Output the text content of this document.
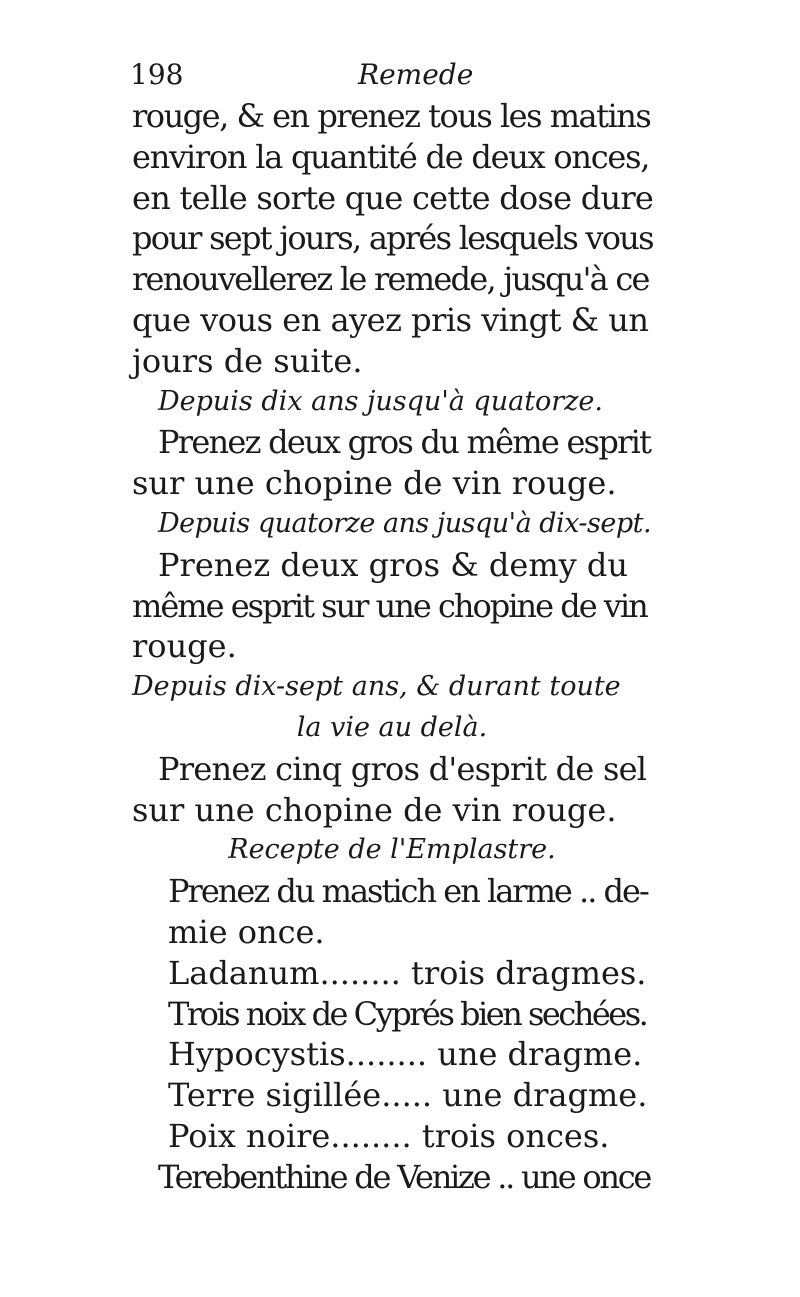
198	Remede
rouge, & en prenez tous les matins
environ la quantité de deux onces,
en telle sorte que cette dose dure
pour sept jours, aprés lesquels vous
renouvellerez le remede, jusqu'à ce
que vous en ayez pris vingt & un
jours de suite.
Depuis dix ans jusqu'à quatorze.
Prenez deux gros du même esprit
sur une chopine de vin rouge.
Depuis quatorze ans jusqu'à dix-sept.
Prenez deux gros & demy du
même esprit sur une chopine de vin
rouge.
Depuis dix-sept ans, & durant toute
la vie au delà.
Prenez cinq gros d'esprit de sel
sur une chopine de vin rouge.
Recepte de l'Emplastre.
Prenez du mastich en larme .. de-
mie once.
Ladanum........ trois dragmes.
Trois noix de Cyprés bien sechées.
Hypocystis........ une dragme.
Terre sigillée..... une dragme.
Poix noire........ trois onces.
Terebenthine de Venize .. une once
